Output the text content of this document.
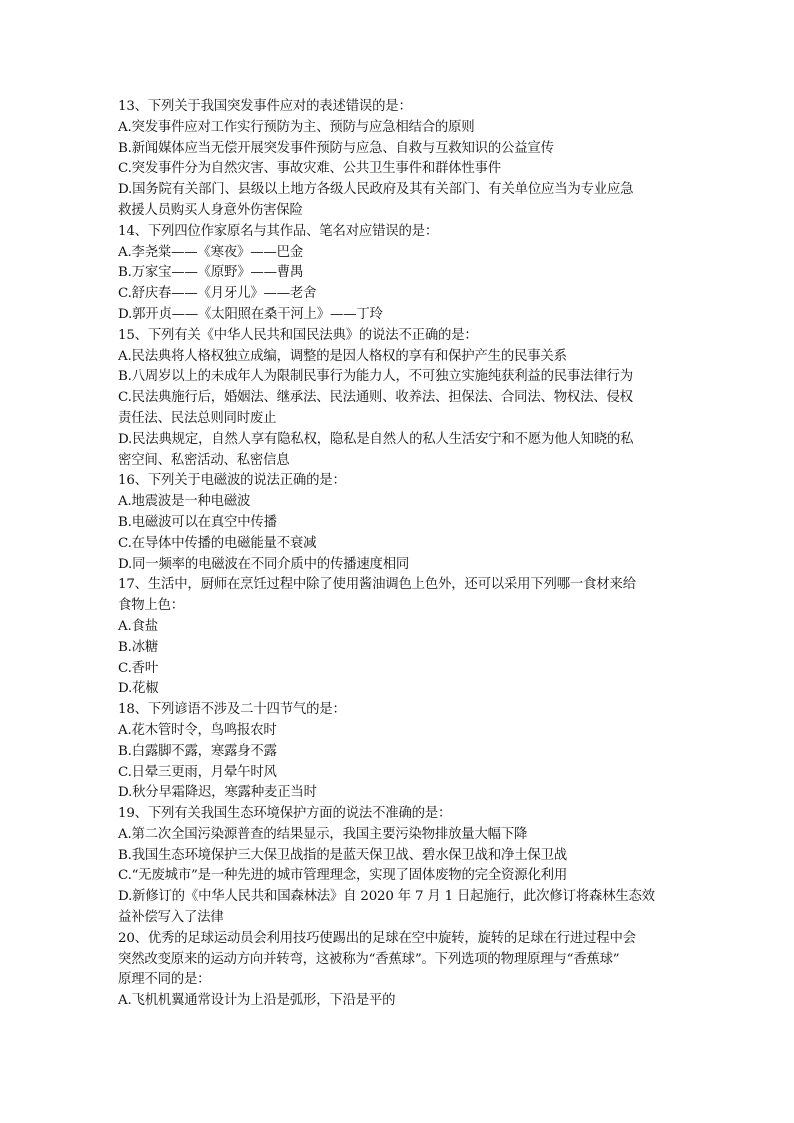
13、下列关于我国突发事件应对的表述错误的是：
A.突发事件应对工作实行预防为主、预防与应急相结合的原则
B.新闻媒体应当无偿开展突发事件预防与应急、自救与互救知识的公益宣传
C.突发事件分为自然灾害、事故灾难、公共卫生事件和群体性事件
D.国务院有关部门、县级以上地方各级人民政府及其有关部门、有关单位应当为专业应急
救援人员购买人身意外伤害保险
14、下列四位作家原名与其作品、笔名对应错误的是：
A.李尧棠——《寒夜》——巴金
B.万家宝——《原野》——曹禺
C.舒庆春——《月牙儿》——老舍
D.郭开贞——《太阳照在桑干河上》——丁玲
15、下列有关《中华人民共和国民法典》的说法不正确的是：
A.民法典将人格权独立成编，调整的是因人格权的享有和保护产生的民事关系
B.八周岁以上的未成年人为限制民事行为能力人，不可独立实施纯获利益的民事法律行为
C.民法典施行后，婚姻法、继承法、民法通则、收养法、担保法、合同法、物权法、侵权
责任法、民法总则同时废止
D.民法典规定，自然人享有隐私权，隐私是自然人的私人生活安宁和不愿为他人知晓的私
密空间、私密活动、私密信息
16、下列关于电磁波的说法正确的是：
A.地震波是一种电磁波
B.电磁波可以在真空中传播
C.在导体中传播的电磁能量不衰减
D.同一频率的电磁波在不同介质中的传播速度相同
17、生活中，厨师在烹饪过程中除了使用酱油调色上色外，还可以采用下列哪一食材来给
食物上色：
A.食盐
B.冰糖
C.香叶
D.花椒
18、下列谚语不涉及二十四节气的是：
A.花木管时令，鸟鸣报农时
B.白露脚不露，寒露身不露
C.日晕三更雨，月晕午时风
D.秋分早霜降迟，寒露种麦正当时
19、下列有关我国生态环境保护方面的说法不准确的是：
A.第二次全国污染源普查的结果显示，我国主要污染物排放量大幅下降
B.我国生态环境保护三大保卫战指的是蓝天保卫战、碧水保卫战和净土保卫战
C.“无废城市”是一种先进的城市管理理念，实现了固体废物的完全资源化利用
D.新修订的《中华人民共和国森林法》自 2020 年 7 月 1 日起施行，此次修订将森林生态效
益补偿写入了法律
20、优秀的足球运动员会利用技巧使踢出的足球在空中旋转，旋转的足球在行进过程中会
突然改变原来的运动方向并转弯，这被称为“香蕉球”。下列选项的物理原理与“香蕉球”
原理不同的是：
A.飞机机翼通常设计为上沿是弧形，下沿是平的
